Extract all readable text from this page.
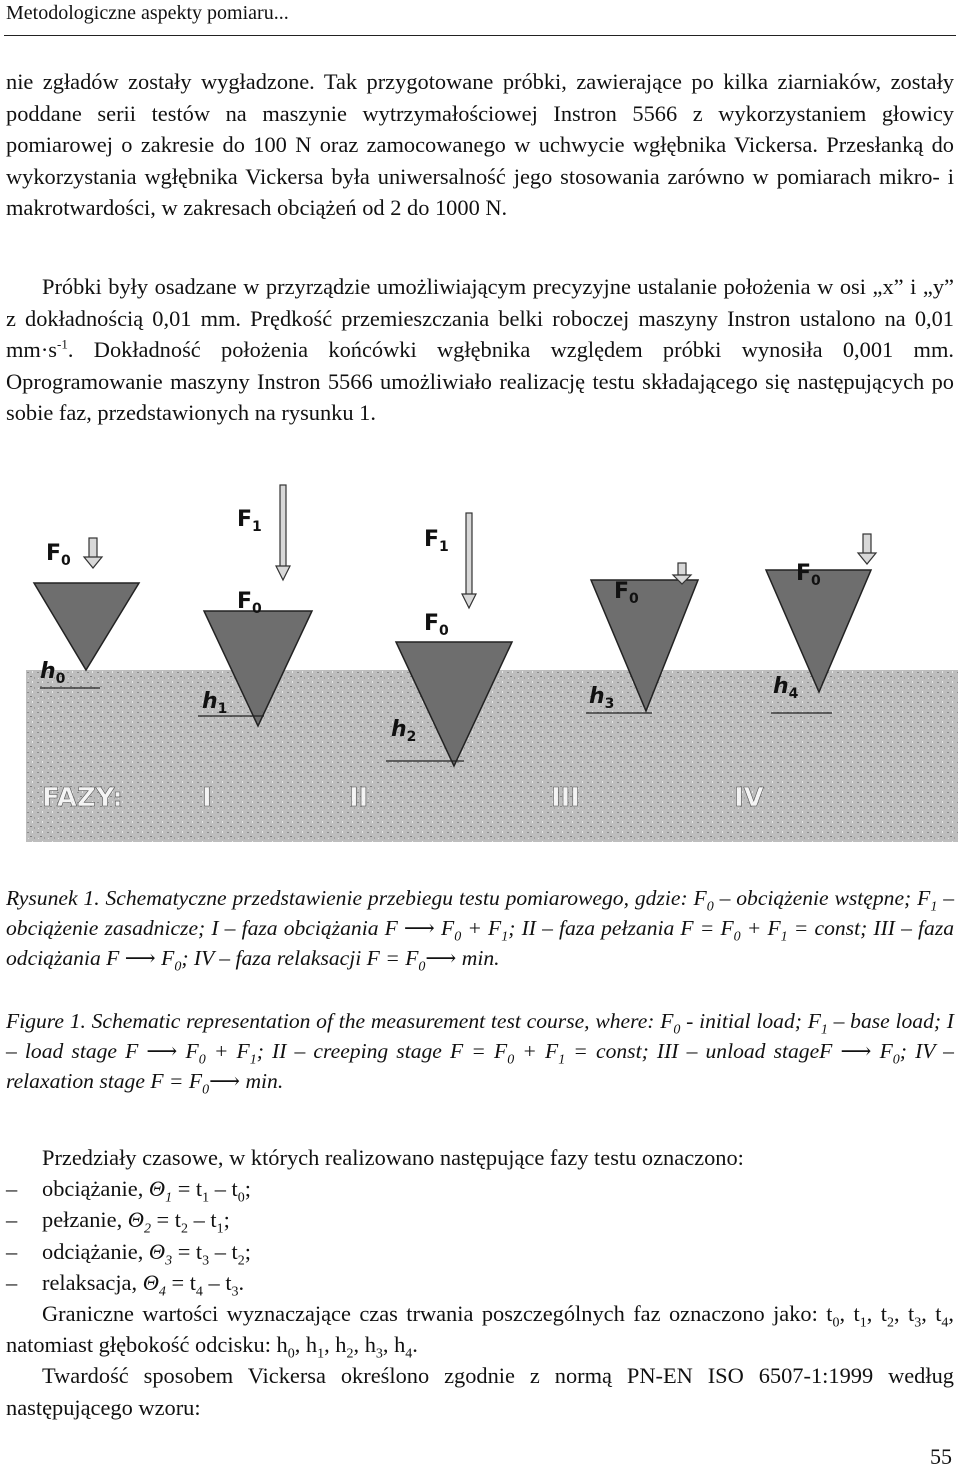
Metodologiczne aspekty pomiaru...

nie zgładów zostały wygładzone. Tak przygotowane próbki, zawierające po kilka ziarniaków, zostały poddane serii testów na maszynie wytrzymałościowej Instron 5566 z wykorzystaniem głowicy pomiarowej o zakresie do 100 N oraz zamocowanego w uchwycie wgłębnika Vickersa. Przesłanką do wykorzystania wgłębnika Vickersa była uniwersalność jego stosowania zarówno w pomiarach mikro- i makrotwardości, w zakresach obciążeń od 2 do 1000 N.

Próbki były osadzane w przyrządzie umożliwiającym precyzyjne ustalanie położenia w osi „x” i „y” z dokładnością 0,01 mm. Prędkość przemieszczania belki roboczej maszyny Instron ustalono na 0,01 $mm\cdot s^{-1}$. Dokładność położenia końcówki wgłębnika względem próbki wynosiła 0,001 mm. Oprogramowanie maszyny Instron 5566 umożliwiało realizację testu składającego się następujących po sobie faz, przedstawionych na rysunku 1.

$F_0$
$F_1$
$F_0$
$F_1$
$F_0$
$F_0$
$F_0$
$h_0$
$h_1$
$h_2$
$h_3$
$h_4$
FAZY:	I	II	III	IV

Rysunek 1. Schematyczne przedstawienie przebiegu testu pomiarowego, gdzie: $F_0$ – obciążenie wstępne; $F_1$ – obciążenie zasadnicze; I – faza obciążania F ⟶ $F_0 + F_1$; II – faza pełzania $F = F_0 + F_1$ = const; III – faza odciążania F ⟶ $F_0$; IV – faza relaksacji $F = F_0⟶$ min.

Figure 1. Schematic representation of the measurement test course, where: $F_0$ - initial load; $F_1$ – base load; I – load stage F ⟶ $F_0 + F_1$; II – creeping stage $F = F_0 + F_1$ = const; III – unload stageF ⟶ $F_0$; IV – relaxation stage $F = F_0⟶$ min.

Przedziały czasowe, w których realizowano następujące fazy testu oznaczono:

– obciążanie, $\Theta_1 = t_1 - t_0$;

– pełzanie, $\Theta_2 = t_2 - t_1$;

– odciążanie, $\Theta_3 = t_3 - t_2$;

– relaksacja, $\Theta_4 = t_4 - t_3$.

Graniczne wartości wyznaczające czas trwania poszczególnych faz oznaczono jako: $t_0$, $t_1$, $t_2$, $t_3$, $t_4$, natomiast głębokość odcisku: $h_0$, $h_1$, $h_2$, $h_3$, $h_4$.

Twardość sposobem Vickersa określono zgodnie z normą PN-EN ISO 6507-1:1999 według następującego wzoru:

55
